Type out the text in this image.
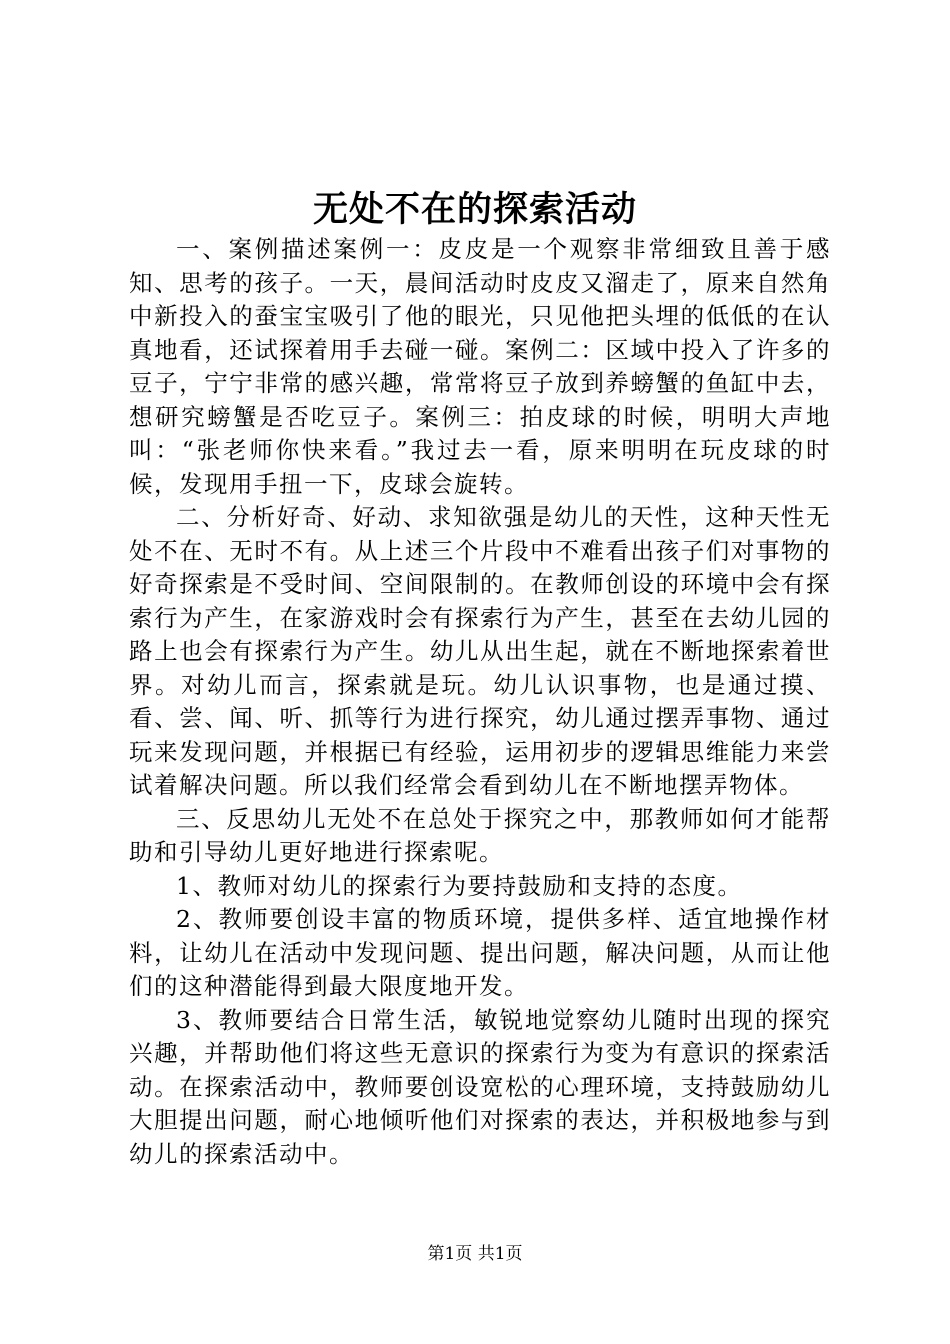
无处不在的探索活动

一、案例描述案例一：皮皮是一个观察非常细致且善于感知、思考的孩子。一天，晨间活动时皮皮又溜走了，原来自然角中新投入的蚕宝宝吸引了他的眼光，只见他把头埋的低低的在认真地看，还试探着用手去碰一碰。案例二：区域中投入了许多的豆子，宁宁非常的感兴趣，常常将豆子放到养螃蟹的鱼缸中去，想研究螃蟹是否吃豆子。案例三：拍皮球的时候，明明大声地叫：“张老师你快来看。”我过去一看，原来明明在玩皮球的时候，发现用手扭一下，皮球会旋转。

二、分析好奇、好动、求知欲强是幼儿的天性，这种天性无处不在、无时不有。从上述三个片段中不难看出孩子们对事物的好奇探索是不受时间、空间限制的。在教师创设的环境中会有探索行为产生，在家游戏时会有探索行为产生，甚至在去幼儿园的路上也会有探索行为产生。幼儿从出生起，就在不断地探索着世界。对幼儿而言，探索就是玩。幼儿认识事物，也是通过摸、看、尝、闻、听、抓等行为进行探究，幼儿通过摆弄事物、通过玩来发现问题，并根据已有经验，运用初步的逻辑思维能力来尝试着解决问题。所以我们经常会看到幼儿在不断地摆弄物体。

三、反思幼儿无处不在总处于探究之中，那教师如何才能帮助和引导幼儿更好地进行探索呢。

1、教师对幼儿的探索行为要持鼓励和支持的态度。

2、教师要创设丰富的物质环境，提供多样、适宜地操作材料，让幼儿在活动中发现问题、提出问题，解决问题，从而让他们的这种潜能得到最大限度地开发。

3、教师要结合日常生活，敏锐地觉察幼儿随时出现的探究兴趣，并帮助他们将这些无意识的探索行为变为有意识的探索活动。在探索活动中，教师要创设宽松的心理环境，支持鼓励幼儿大胆提出问题，耐心地倾听他们对探索的表达，并积极地参与到幼儿的探索活动中。

第1页 共1页
